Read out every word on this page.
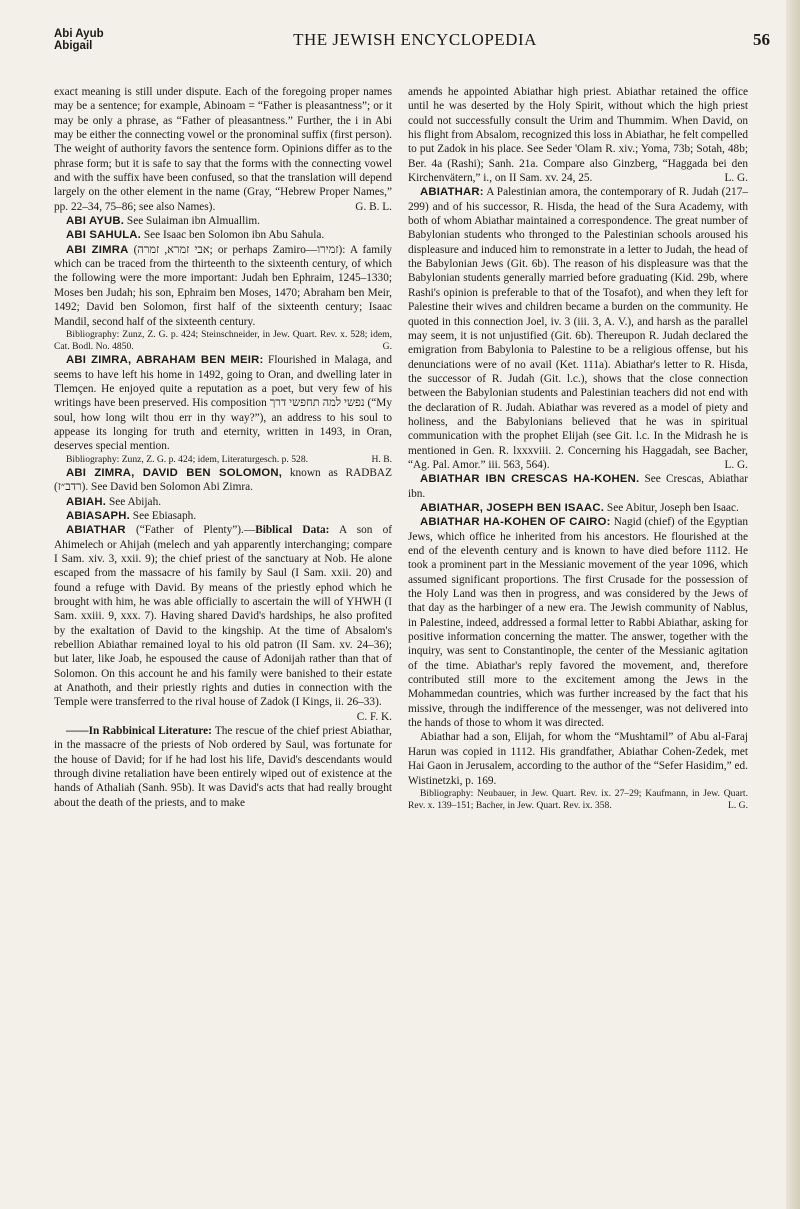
Abi Ayub
Abigail	THE JEWISH ENCYCLOPEDIA	56

exact meaning is still under dispute. Each of the foregoing proper names may be a sentence; for example, Abinoam = “Father is pleasantness”; or it may be only a phrase, as “Father of pleasantness.” Further, the i in Abi may be either the connecting vowel or the pronominal suffix (first person). The weight of authority favors the sentence form. Opinions differ as to the phrase form; but it is safe to say that the forms with the connecting vowel and with the suffix have been confused, so that the translation will depend largely on the other element in the name (Gray, “Hebrew Proper Names,” pp. 22–34, 75–86; see also Names).	G. B. L.

ABI AYUB. See Sulaiman ibn Almuallim.

ABI SAHULA. See Isaac ben Solomon ibn Abu Sahula.

ABI ZIMRA (אבי זמרא, זמרה; or perhaps Zamiro—זמירו): A family which can be traced from the thirteenth to the sixteenth century, of which the following were the more important: Judah ben Ephraim, 1245–1330; Moses ben Judah; his son, Ephraim ben Moses, 1470; Abraham ben Meir, 1492; David ben Solomon, first half of the sixteenth century; Isaac Mandil, second half of the sixteenth century.

Bibliography: Zunz, Z. G. p. 424; Steinschneider, in Jew. Quart. Rev. x. 528; idem, Cat. Bodl. No. 4850.	G.

ABI ZIMRA, ABRAHAM BEN MEIR: Flourished in Malaga, and seems to have left his home in 1492, going to Oran, and dwelling later in Tlemçen. He enjoyed quite a reputation as a poet, but very few of his writings have been preserved. His composition נפשי למה תחפשי דרך (“My soul, how long wilt thou err in thy way?”), an address to his soul to appease its longing for truth and eternity, written in 1493, in Oran, deserves special mention.

Bibliography: Zunz, Z. G. p. 424; idem, Literaturgesch. p. 528.	H. B.

ABI ZIMRA, DAVID BEN SOLOMON, known as RADBAZ (רדב״ז). See David ben Solomon Abi Zimra.

ABIAH. See Abijah.

ABIASAPH. See Ebiasaph.

ABIATHAR (“Father of Plenty”).—Biblical Data: A son of Ahimelech or Ahijah (melech and yah apparently interchanging; compare I Sam. xiv. 3, xxii. 9); the chief priest of the sanctuary at Nob. He alone escaped from the massacre of his family by Saul (I Sam. xxii. 20) and found a refuge with David. By means of the priestly ephod which he brought with him, he was able officially to ascertain the will of YHWH (I Sam. xxiii. 9, xxx. 7). Having shared David's hardships, he also profited by the exaltation of David to the kingship. At the time of Absalom's rebellion Abiathar remained loyal to his old patron (II Sam. xv. 24–36); but later, like Joab, he espoused the cause of Adonijah rather than that of Solomon. On this account he and his family were banished to their estate at Anathoth, and their priestly rights and duties in connection with the Temple were transferred to the rival house of Zadok (I Kings, ii. 26–33).
C. F. K.

——In Rabbinical Literature: The rescue of the chief priest Abiathar, in the massacre of the priests of Nob ordered by Saul, was fortunate for the house of David; for if he had lost his life, David's descendants would through divine retaliation have been entirely wiped out of existence at the hands of Athaliah (Sanh. 95b). It was David's acts that had really brought about the death of the priests, and to make

amends he appointed Abiathar high priest. Abiathar retained the office until he was deserted by the Holy Spirit, without which the high priest could not successfully consult the Urim and Thummim. When David, on his flight from Absalom, recognized this loss in Abiathar, he felt compelled to put Zadok in his place. See Seder 'Olam R. xiv.; Yoma, 73b; Sotah, 48b; Ber. 4a (Rashi); Sanh. 21a. Compare also Ginzberg, “Haggada bei den Kirchenvätern,” i., on II Sam. xv. 24, 25.	L. G.

ABIATHAR: A Palestinian amora, the contemporary of R. Judah (217–299) and of his successor, R. Hisda, the head of the Sura Academy, with both of whom Abiathar maintained a correspondence. The great number of Babylonian students who thronged to the Palestinian schools aroused his displeasure and induced him to remonstrate in a letter to Judah, the head of the Babylonian Jews (Git. 6b). The reason of his displeasure was that the Babylonian students generally married before graduating (Kid. 29b, where Rashi's opinion is preferable to that of the Tosafot), and when they left for Palestine their wives and children became a burden on the community. He quoted in this connection Joel, iv. 3 (iii. 3, A. V.), and harsh as the parallel may seem, it is not unjustified (Git. 6b). Thereupon R. Judah declared the emigration from Babylonia to Palestine to be a religious offense, but his denunciations were of no avail (Ket. 111a). Abiathar's letter to R. Hisda, the successor of R. Judah (Git. l.c.), shows that the close connection between the Babylonian students and Palestinian teachers did not end with the declaration of R. Judah. Abiathar was revered as a model of piety and holiness, and the Babylonians believed that he was in spiritual communication with the prophet Elijah (see Git. l.c. In the Midrash he is mentioned in Gen. R. lxxxviii. 2. Concerning his Haggadah, see Bacher, “Ag. Pal. Amor.” iii. 563, 564).	L. G.

ABIATHAR IBN CRESCAS HA-KOHEN. See Crescas, Abiathar ibn.

ABIATHAR, JOSEPH BEN ISAAC. See Abitur, Joseph ben Isaac.

ABIATHAR HA-KOHEN OF CAIRO: Nagid (chief) of the Egyptian Jews, which office he inherited from his ancestors. He flourished at the end of the eleventh century and is known to have died before 1112. He took a prominent part in the Messianic movement of the year 1096, which assumed significant proportions. The first Crusade for the possession of the Holy Land was then in progress, and was considered by the Jews of that day as the harbinger of a new era. The Jewish community of Nablus, in Palestine, indeed, addressed a formal letter to Rabbi Abiathar, asking for positive information concerning the matter. The answer, together with the inquiry, was sent to Constantinople, the center of the Messianic agitation of the time. Abiathar's reply favored the movement, and, therefore contributed still more to the excitement among the Jews in the Mohammedan countries, which was further increased by the fact that his missive, through the indifference of the messenger, was not delivered into the hands of those to whom it was directed.

Abiathar had a son, Elijah, for whom the “Mushtamil” of Abu al-Faraj Harun was copied in 1112. His grandfather, Abiathar Cohen-Zedek, met Hai Gaon in Jerusalem, according to the author of the “Sefer Hasidim,” ed. Wistinetzki, p. 169.

Bibliography: Neubauer, in Jew. Quart. Rev. ix. 27–29; Kaufmann, in Jew. Quart. Rev. x. 139–151; Bacher, in Jew. Quart. Rev. ix. 358.	L. G.
